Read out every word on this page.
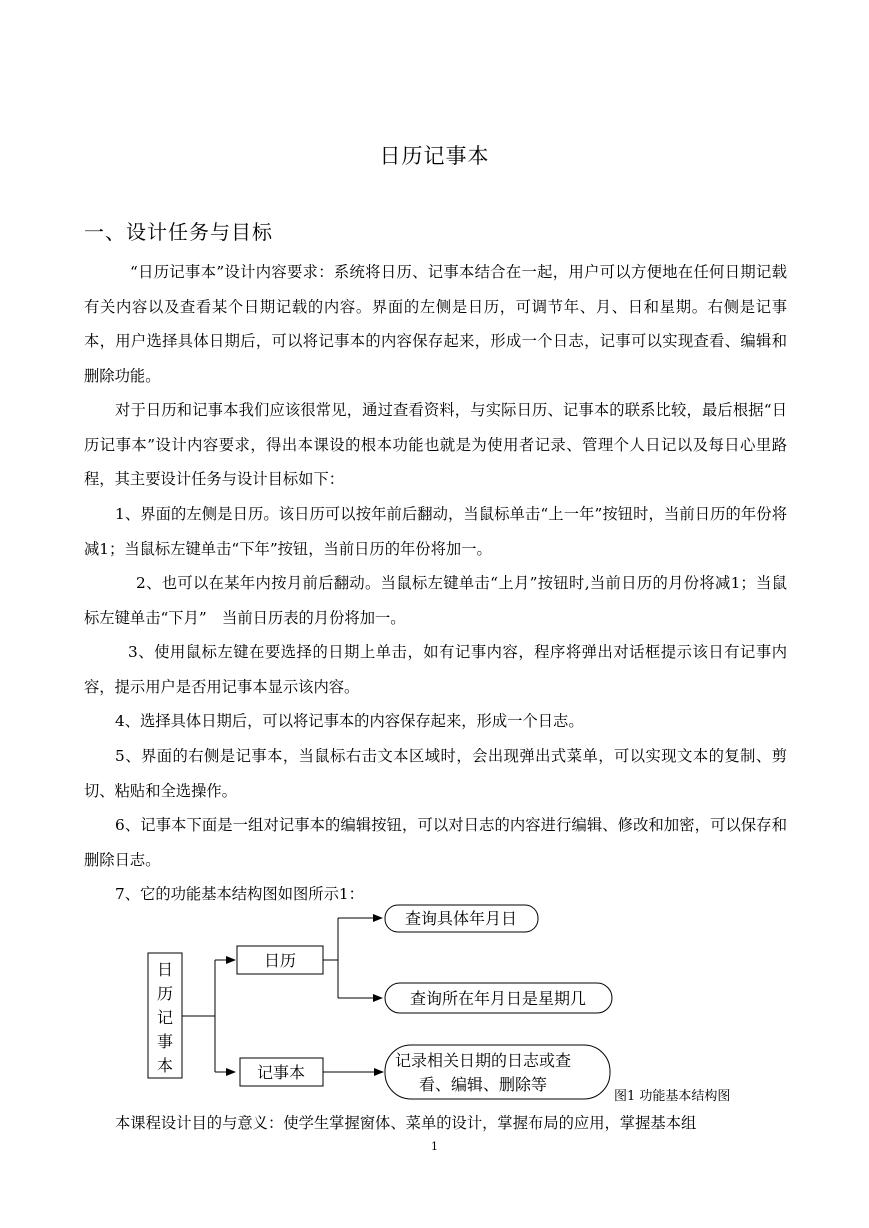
日历记事本
一、设计任务与目标
“日历记事本”设计内容要求：系统将日历、记事本结合在一起，用户可以方便地在任何日期记载有关内容以及查看某个日期记载的内容。界面的左侧是日历，可调节年、月、日和星期。右侧是记事本，用户选择具体日期后，可以将记事本的内容保存起来，形成一个日志，记事可以实现查看、编辑和删除功能。
对于日历和记事本我们应该很常见，通过查看资料，与实际日历、记事本的联系比较，最后根据“日历记事本”设计内容要求，得出本课设的根本功能也就是为使用者记录、管理个人日记以及每日心里路程，其主要设计任务与设计目标如下：
1、界面的左侧是日历。该日历可以按年前后翻动，当鼠标单击“上一年”按钮时，当前日历的年份将减1；当鼠标左键单击“下年”按钮，当前日历的年份将加一。
2、也可以在某年内按月前后翻动。当鼠标左键单击“上月”按钮时,当前日历的月份将减1；当鼠标左键单击“下月”　当前日历表的月份将加一。
3、使用鼠标左键在要选择的日期上单击，如有记事内容，程序将弹出对话框提示该日有记事内容，提示用户是否用记事本显示该内容。
4、选择具体日期后，可以将记事本的内容保存起来，形成一个日志。
5、界面的右侧是记事本，当鼠标右击文本区域时，会出现弹出式菜单，可以实现文本的复制、剪切、粘贴和全选操作。
6、记事本下面是一组对记事本的编辑按钮，可以对日志的内容进行编辑、修改和加密，可以保存和删除日志。
7、它的功能基本结构图如图所示1：
日
历
记
事
本
日历
记事本
查询具体年月日
查询所在年月日是星期几
记录相关日期的日志或查
看、编辑、删除等
图1 功能基本结构图
本课程设计目的与意义：使学生掌握窗体、菜单的设计，掌握布局的应用，掌握基本组
1
